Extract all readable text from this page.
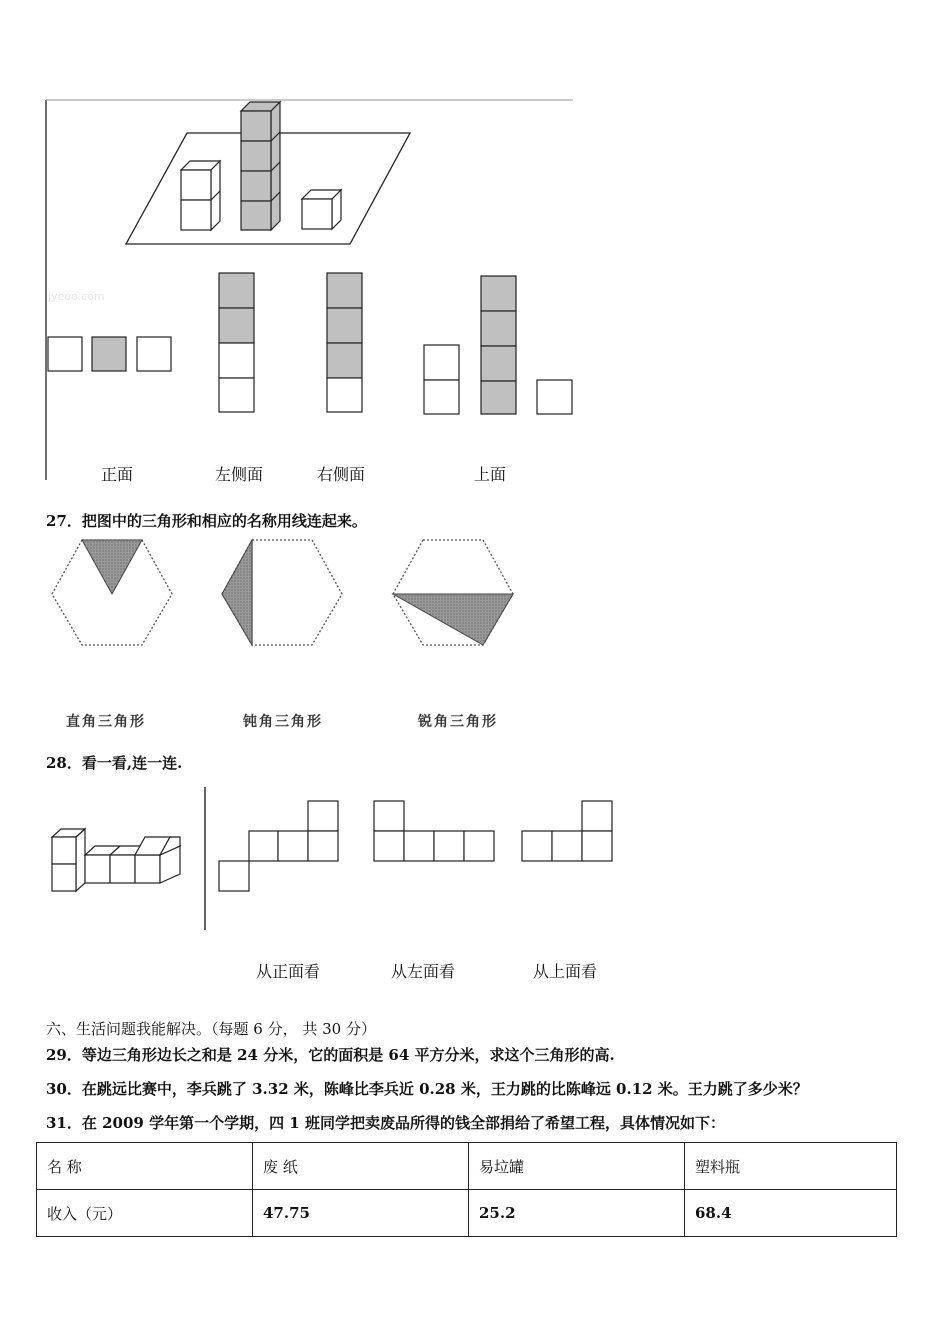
jyeoo.com
正面	左侧面	右侧面	上面
27．把图中的三角形和相应的名称用线连起来。
直角三角形	钝角三角形	锐角三角形
28．看一看,连一连.
从正面看	从左面看	从上面看
六、生活问题我能解决。（每题 6 分， 共 30 分）
29．等边三角形边长之和是 24 分米，它的面积是 64 平方分米，求这个三角形的高.
30．在跳远比赛中，李兵跳了 3.32 米，陈峰比李兵近 0.28 米，王力跳的比陈峰远 0.12 米。王力跳了多少米？
31．在 2009 学年第一个学期，四 1 班同学把卖废品所得的钱全部捐给了希望工程，具体情况如下：
名 称	废 纸	易垃罐	塑料瓶
收入（元）	47.75	25.2	68.4
